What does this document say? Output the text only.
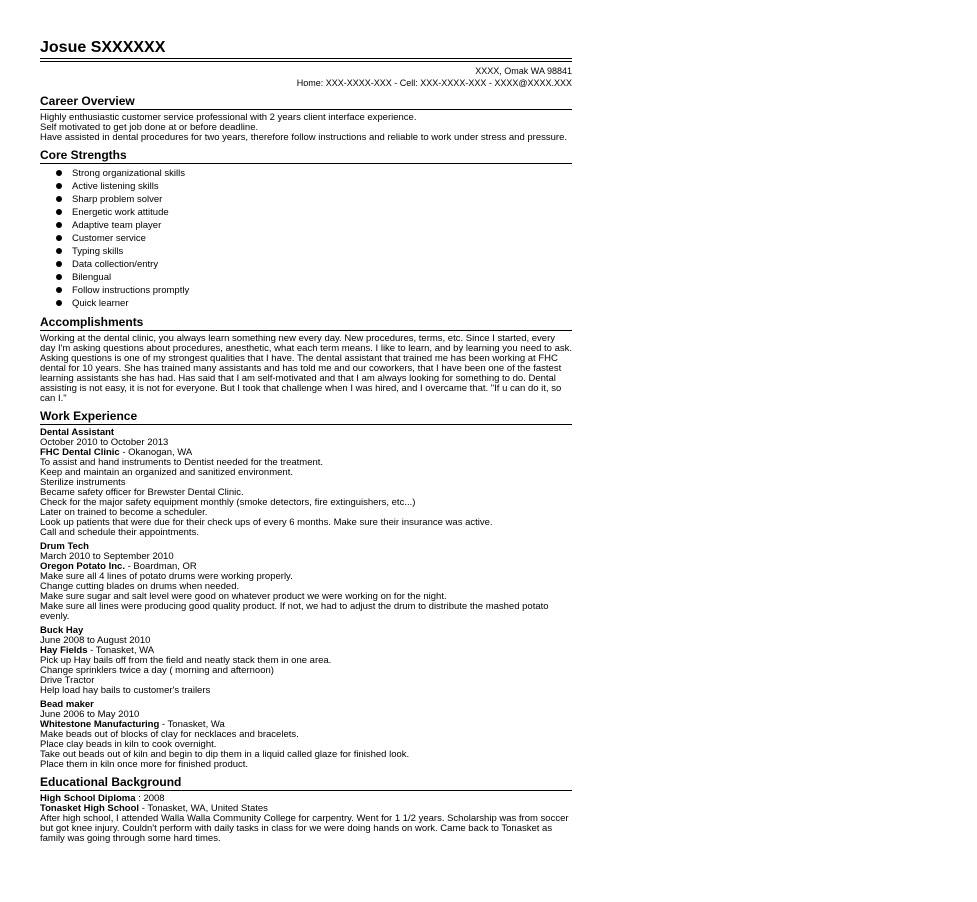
Josue SXXXXXX
XXXX, Omak WA 98841
Home: XXX-XXXX-XXX - Cell: XXX-XXXX-XXX - XXXX@XXXX.XXX
Career Overview
Highly enthusiastic customer service professional with 2 years client interface experience.
Self motivated to get job done at or before deadline.
Have assisted in dental procedures for two years, therefore follow instructions and reliable to work under stress and pressure.
Core Strengths
Strong organizational skills
Active listening skills
Sharp problem solver
Energetic work attitude
Adaptive team player
Customer service
Typing skills
Data collection/entry
Bilengual
Follow instructions promptly
Quick learner
Accomplishments

Working at the dental clinic, you always learn something new every day. New procedures, terms, etc. Since I started, every day I'm asking questions about procedures, anesthetic, what each term means. I like to learn, and by learning you need to ask. Asking questions is one of my strongest qualities that I have. The dental assistant that trained me has been working at FHC dental for 10 years. She has trained many assistants and has told me and our coworkers, that I have been one of the fastest learning assistants she has had. Has said that I am self-motivated and that I am always looking for something to do. Dental assisting is not easy, it is not for everyone. But I took that challenge when I was hired, and I overcame that. "If u can do it, so can I."

Work Experience
Dental Assistant
October 2010 to October 2013
FHC Dental Clinic - Okanogan, WA
To assist and hand instruments to Dentist needed for the treatment.
Keep and maintain an organized and sanitized environment.
Sterilize instruments
Became safety officer for Brewster Dental Clinic.
Check for the major safety equipment monthly (smoke detectors, fire extinguishers, etc...)
Later on trained to become a scheduler.
Look up patients that were due for their check ups of every 6 months. Make sure their insurance was active.
Call and schedule their appointments.
Drum Tech
March 2010 to September 2010
Oregon Potato Inc. - Boardman, OR
Make sure all 4 lines of potato drums were working properly.
Change cutting blades on drums when needed.
Make sure sugar and salt level were good on whatever product we were working on for the night.
Make sure all lines were producing good quality product. If not, we had to adjust the drum to distribute the mashed potato evenly.
Buck Hay
June 2008 to August 2010
Hay Fields - Tonasket, WA
Pick up Hay bails off from the field and neatly stack them in one area.
Change sprinklers twice a day ( morning and afternoon)
Drive Tractor
Help load hay bails to customer's trailers
Bead maker
June 2006 to May 2010
Whitestone Manufacturing - Tonasket, Wa
Make beads out of blocks of clay for necklaces and bracelets.
Place clay beads in kiln to cook overnight.
Take out beads out of kiln and begin to dip them in a liquid called glaze for finished look.
Place them in kiln once more for finished product.
Educational Background
High School Diploma : 2008
Tonasket High School - Tonasket, WA, United States

After high school, I attended Walla Walla Community College for carpentry. Went for 1 1/2 years. Scholarship was from soccer but got knee injury. Couldn't perform with daily tasks in class for we were doing hands on work. Came back to Tonasket as family was going through some hard times.
